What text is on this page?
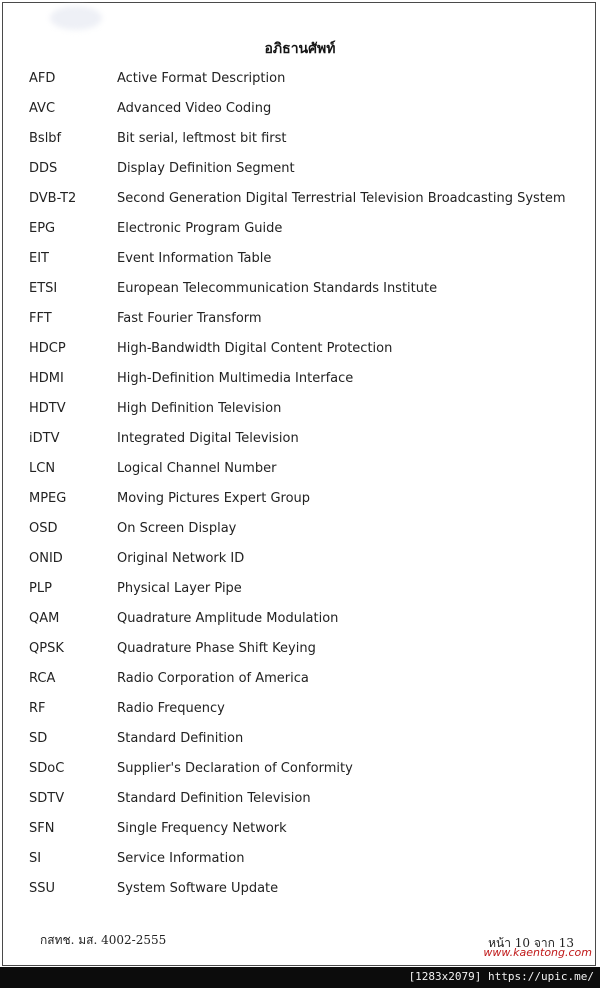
อภิธานศัพท์
AFD	Active Format Description
AVC	Advanced Video Coding
Bslbf	Bit serial, leftmost bit first
DDS	Display Definition Segment
DVB-T2	Second Generation Digital Terrestrial Television Broadcasting System
EPG	Electronic Program Guide
EIT	Event Information Table
ETSI	European Telecommunication Standards Institute
FFT	Fast Fourier Transform
HDCP	High-Bandwidth Digital Content Protection
HDMI	High-Definition Multimedia Interface
HDTV	High Definition Television
iDTV	Integrated Digital Television
LCN	Logical Channel Number
MPEG	Moving Pictures Expert Group
OSD	On Screen Display
ONID	Original Network ID
PLP	Physical Layer Pipe
QAM	Quadrature Amplitude Modulation
QPSK	Quadrature Phase Shift Keying
RCA	Radio Corporation of America
RF	Radio Frequency
SD	Standard Definition
SDoC	Supplier's Declaration of Conformity
SDTV	Standard Definition Television
SFN	Single Frequency Network
SI	Service Information
SSU	System Software Update
กสทช. มส. 4002-2555	หน้า 10 จาก 13
www.kaentong.com
[1283x2079] https://upic.me/
